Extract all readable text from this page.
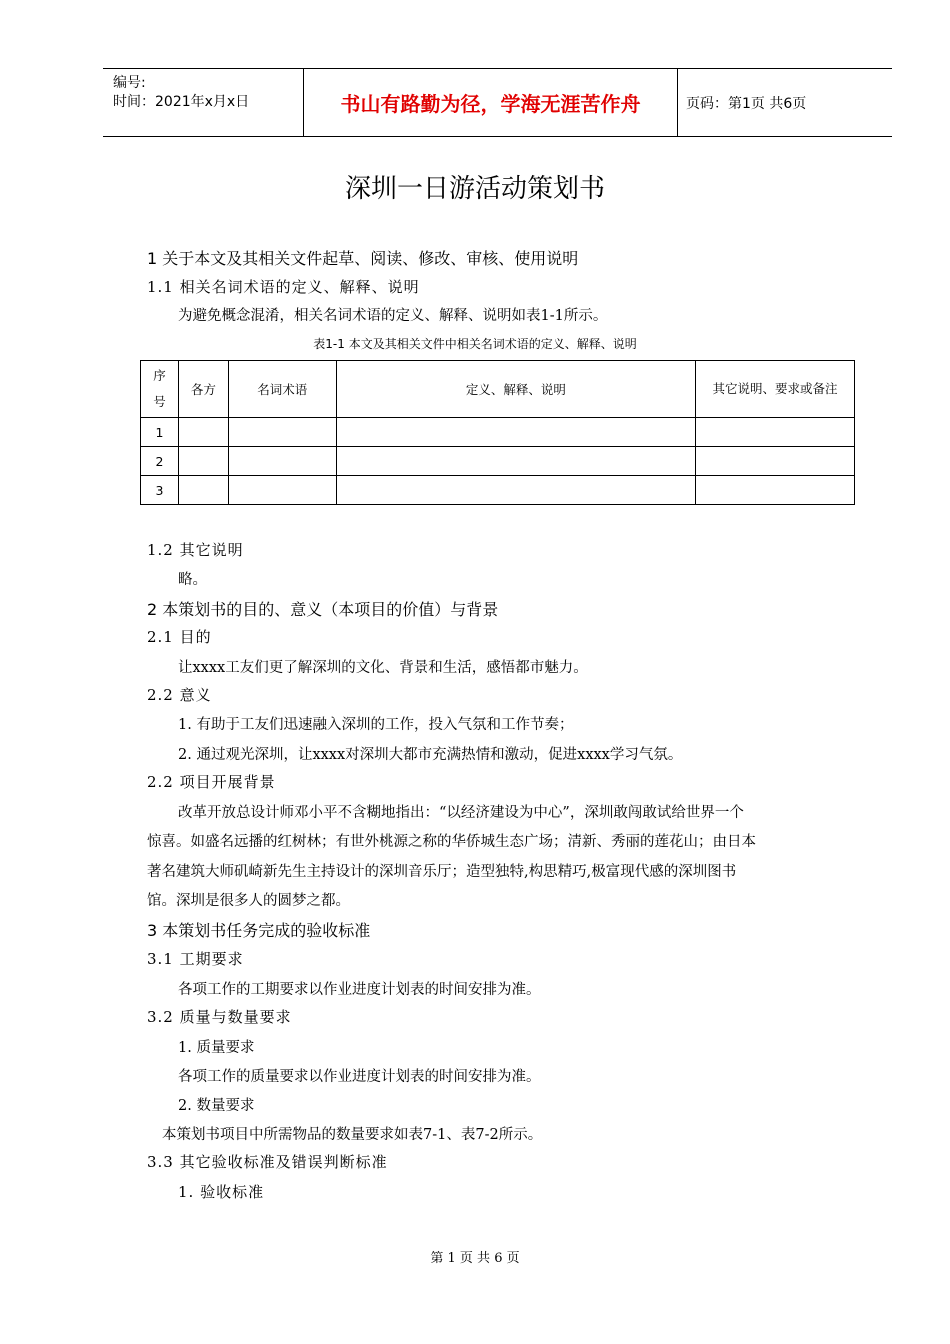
编号:
时间：2021年x月x日	书山有路勤为径，学海无涯苦作舟	页码：第1页 共6页
深圳一日游活动策划书
1 关于本文及其相关文件起草、阅读、修改、审核、使用说明
1.1 相关名词术语的定义、解释、说明
为避免概念混淆，相关名词术语的定义、解释、说明如表1-1所示。
表1-1 本文及其相关文件中相关名词术语的定义、解释、说明
序号	各方	名词术语	定义、解释、说明	其它说明、要求或备注
1				
2				
3				
1.2 其它说明
略。
2 本策划书的目的、意义（本项目的价值）与背景
2.1 目的
让xxxx工友们更了解深圳的文化、背景和生活，感悟都市魅力。
2.2 意义
1. 有助于工友们迅速融入深圳的工作，投入气氛和工作节奏；
2. 通过观光深圳，让xxxx对深圳大都市充满热情和激动，促进xxxx学习气氛。
2.2 项目开展背景
改革开放总设计师邓小平不含糊地指出：“以经济建设为中心”，深圳敢闯敢试给世界一个
惊喜。如盛名远播的红树林；有世外桃源之称的华侨城生态广场；清新、秀丽的莲花山；由日本
著名建筑大师矶崎新先生主持设计的深圳音乐厅；造型独特,构思精巧,极富现代感的深圳图书
馆。深圳是很多人的圆梦之都。
3 本策划书任务完成的验收标准
3.1 工期要求
各项工作的工期要求以作业进度计划表的时间安排为准。
3.2 质量与数量要求
1. 质量要求
各项工作的质量要求以作业进度计划表的时间安排为准。
2. 数量要求
本策划书项目中所需物品的数量要求如表7-1、表7-2所示。
3.3 其它验收标准及错误判断标准
1. 验收标准
第 1 页 共 6 页
